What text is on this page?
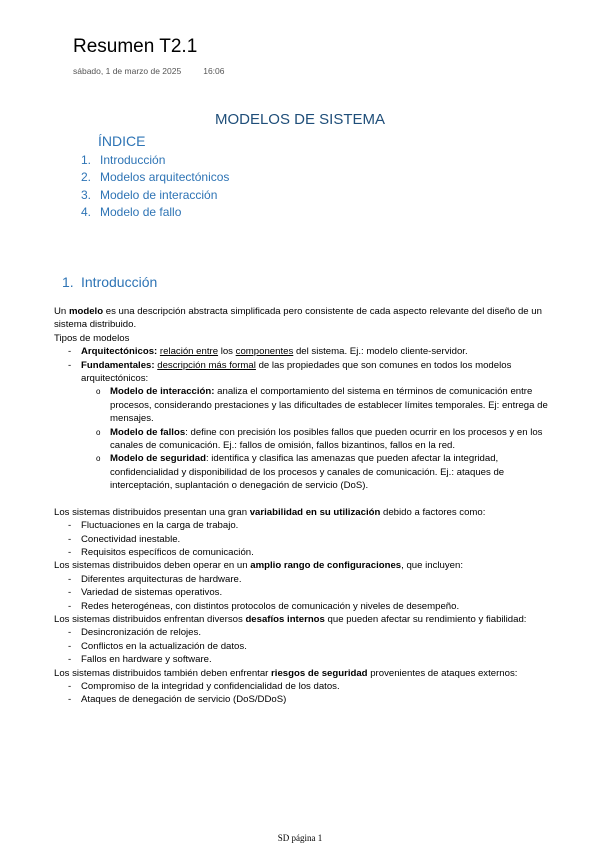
Resumen T2.1
sábado, 1 de marzo de 2025	16:06
MODELOS DE SISTEMA
ÍNDICE
1. Introducción
2. Modelos arquitectónicos
3. Modelo de interacción
4. Modelo de fallo
1. Introducción

Un modelo es una descripción abstracta simplificada pero consistente de cada aspecto relevante del diseño de un sistema distribuido.

Tipos de modelos

- Arquitectónicos: relación entre los componentes del sistema. Ej.: modelo cliente-servidor.
- Fundamentales: descripción más formal de las propiedades que son comunes en todos los modelos arquitectónicos:
o Modelo de interacción: analiza el comportamiento del sistema en términos de comunicación entre procesos, considerando prestaciones y las dificultades de establecer límites temporales. Ej: entrega de mensajes.
o Modelo de fallos: define con precisión los posibles fallos que pueden ocurrir en los procesos y en los canales de comunicación. Ej.: fallos de omisión, fallos bizantinos, fallos en la red.
o Modelo de seguridad: identifica y clasifica las amenazas que pueden afectar la integridad, confidencialidad y disponibilidad de los procesos y canales de comunicación. Ej.: ataques de interceptación, suplantación o denegación de servicio (DoS).

Los sistemas distribuidos presentan una gran variabilidad en su utilización debido a factores como:

- Fluctuaciones en la carga de trabajo.
- Conectividad inestable.
- Requisitos específicos de comunicación.

Los sistemas distribuidos deben operar en un amplio rango de configuraciones, que incluyen:

- Diferentes arquitecturas de hardware.
- Variedad de sistemas operativos.
- Redes heterogéneas, con distintos protocolos de comunicación y niveles de desempeño.

Los sistemas distribuidos enfrentan diversos desafíos internos que pueden afectar su rendimiento y fiabilidad:

- Desincronización de relojes.
- Conflictos en la actualización de datos.
- Fallos en hardware y software.

Los sistemas distribuidos también deben enfrentar riesgos de seguridad provenientes de ataques externos:

- Compromiso de la integridad y confidencialidad de los datos.
- Ataques de denegación de servicio (DoS/DDoS)
SD página 1
